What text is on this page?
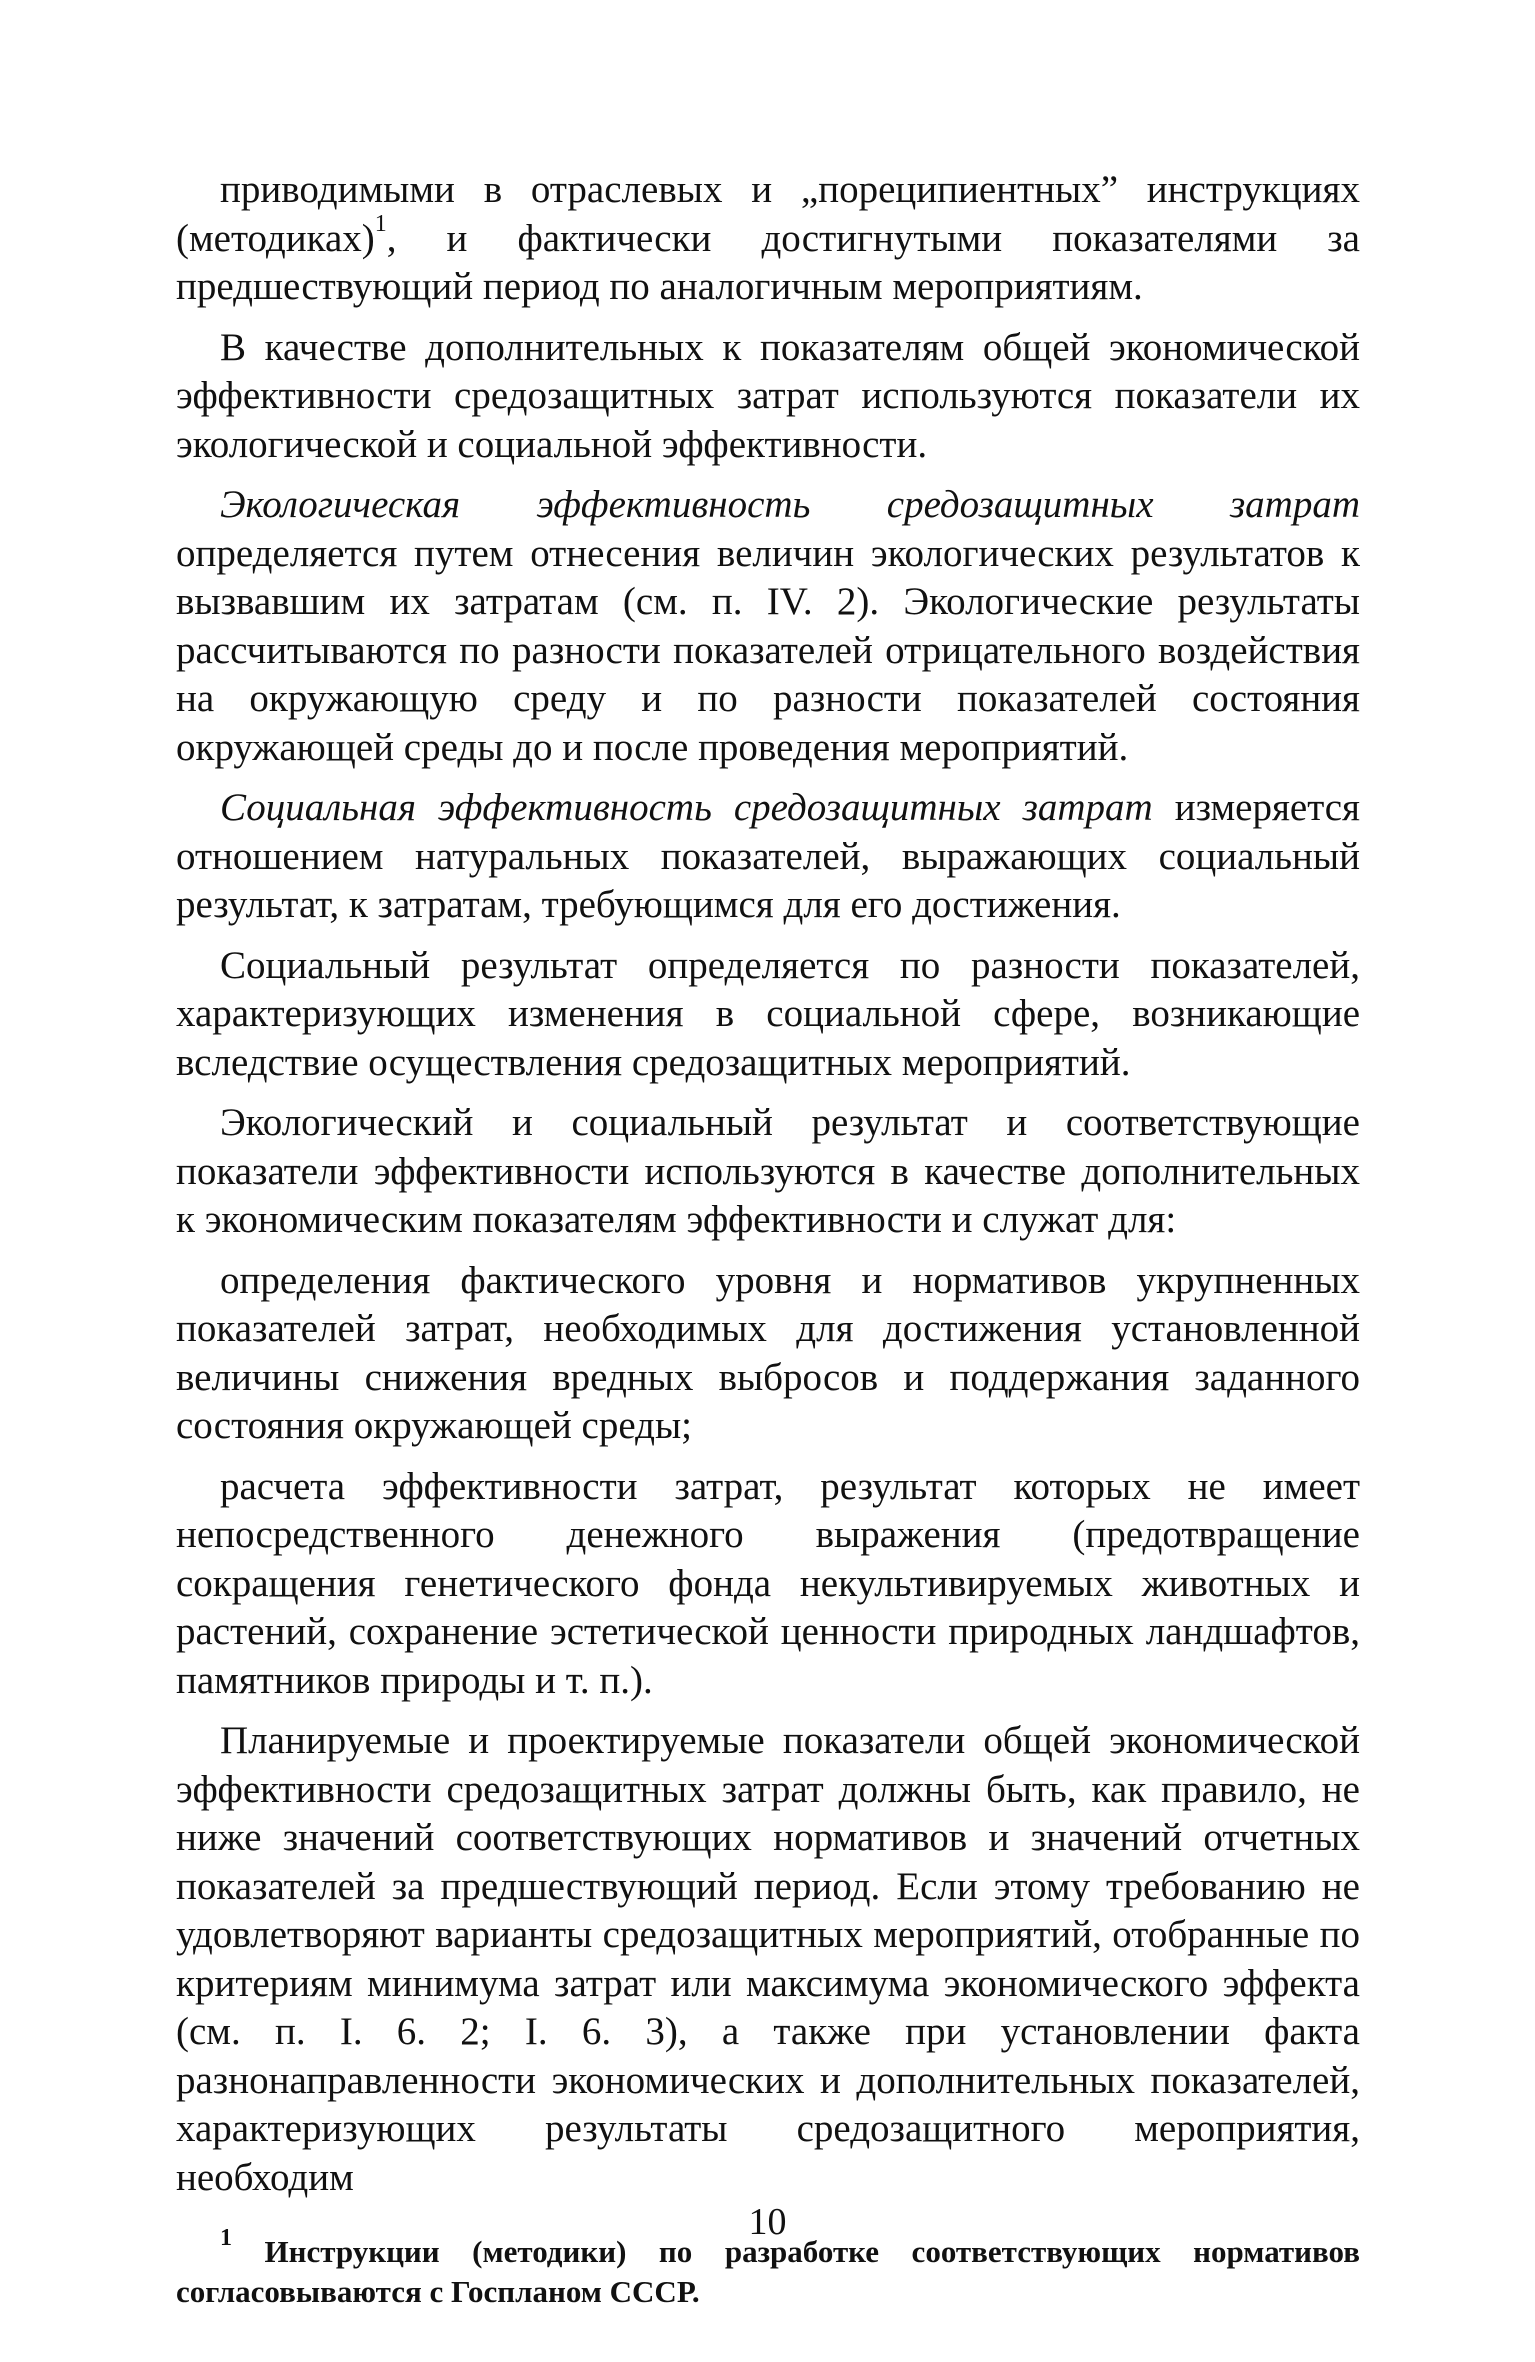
приводимыми в отраслевых и „пореципиентных” инструкциях (методиках)$^1$, и фактически достигнутыми показателями за предшествующий период по аналогичным мероприятиям.

В качестве дополнительных к показателям общей экономической эффективности средозащитных затрат используются показатели их экологической и социальной эффективности.

Экологическая эффективность средозащитных затрат определяется путем отнесения величин экологических результатов к вызвавшим их затратам (см. п. IV. 2). Экологические результаты рассчитываются по разности показателей отрицательного воздействия на окружающую среду и по разности показателей состояния окружающей среды до и после проведения мероприятий.

Социальная эффективность средозащитных затрат измеряется отношением натуральных показателей, выражающих социальный результат, к затратам, требующимся для его достижения.

Социальный результат определяется по разности показателей, характеризующих изменения в социальной сфере, возникающие вследствие осуществления средозащитных мероприятий.

Экологический и социальный результат и соответствующие показатели эффективности используются в качестве дополнительных к экономическим показателям эффективности и служат для:

определения фактического уровня и нормативов укрупненных показателей затрат, необходимых для достижения установленной величины снижения вредных выбросов и поддержания заданного состояния окружающей среды;

расчета эффективности затрат, результат которых не имеет непосредственного денежного выражения (предотвращение сокращения генетического фонда некультивируемых животных и растений, сохранение эстетической ценности природных ландшафтов, памятников природы и т. п.).

Планируемые и проектируемые показатели общей экономической эффективности средозащитных затрат должны быть, как правило, не ниже значений соответствующих нормативов и значений отчетных показателей за предшествующий период. Если этому требованию не удовлетворяют варианты средозащитных мероприятий, отобранные по критериям минимума затрат или максимума экономического эффекта (см. п. I. 6. 2; I. 6. 3), а также при установлении факта разнонаправленности экономических и дополнительных показателей, характеризующих результаты средозащитного мероприятия, необходим

$^1$ Инструкции (методики) по разработке соответствующих нормативов согласовываются с Госпланом СССР.

10
